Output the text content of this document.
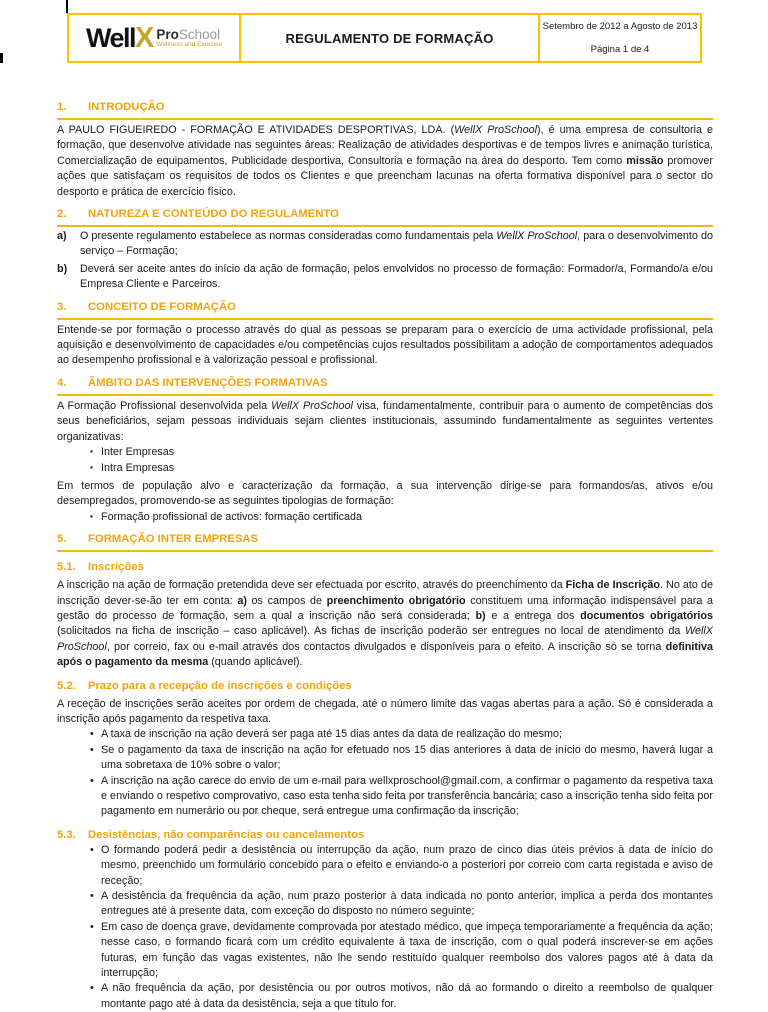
Well X ProSchool
Wellness and Exercise	REGULAMENTO DE FORMAÇÃO
Setembro de 2012 a Agosto de 2013
Página 1 de 4
1. INTRODUÇÃO
A PAULO FIGUEIREDO - FORMAÇÃO E ATIVIDADES DESPORTIVAS, LDA. (WellX ProSchool), é uma empresa de consultoria e formação, que desenvolve atividade nas seguintes áreas: Realização de atividades desportivas e de tempos livres e animação turística, Comercialização de equipamentos, Publicidade desportiva, Consultoria e formação na área do desporto. Tem como missão promover ações que satisfaçam os requisitos de todos os Clientes e que preencham lacunas na oferta formativa disponível para o sector do desporto e prática de exercício físico.
2. NATUREZA E CONTEÚDO DO REGULAMENTO
a)	O presente regulamento estabelece as normas consideradas como fundamentais pela WellX ProSchool, para o desenvolvimento do serviço – Formação;
b)	Deverá ser aceite antes do início da ação de formação, pelos envolvidos no processo de formação: Formador/a, Formando/a e/ou Empresa Cliente e Parceiros.
3. CONCEITO DE FORMAÇÃO
Entende-se por formação o processo através do qual as pessoas se preparam para o exercício de uma actividade profissional, pela aquisição e desenvolvimento de capacidades e/ou competências cujos resultados possibilitam a adoção de comportamentos adequados ao desempenho profissional e à valorização pessoal e profissional.
4. ÂMBITO DAS INTERVENÇÕES FORMATIVAS
A Formação Profissional desenvolvida pela WellX ProSchool visa, fundamentalmente, contribuir para o aumento de competências dos seus beneficiários, sejam pessoas individuais sejam clientes institucionais, assumindo fundamentalmente as seguintes vertentes organizativas:
▪
Inter Empresas
▪
Intra Empresas
Em termos de população alvo e caracterização da formação, a sua intervenção dirige-se para formandos/as, ativos e/ou desempregados, promovendo-se as seguintes tipologias de formação:
▪
Formação profissional de activos: formação certificada
5. FORMAÇÃO INTER EMPRESAS
5.1. Inscrições
A inscrição na ação de formação pretendida deve ser efectuada por escrito, através do preenchimento da Ficha de Inscrição. No ato de inscrição dever-se-ão ter em conta: a) os campos de preenchimento obrigatório constituem uma informação indispensável para a gestão do processo de formação, sem a qual a inscrição não será considerada; b) e a entrega dos documentos obrigatórios (solicitados na ficha de inscrição – caso aplicável). As fichas de inscrição poderão ser entregues no local de atendimento da WellX ProSchool, por correio, fax ou e-mail através dos contactos divulgados e disponíveis para o efeito. A inscrição só se torna definitiva após o pagamento da mesma (quando aplicável).
5.2. Prazo para a recepção de inscrições e condições
A receção de inscrições serão aceites por ordem de chegada, até o número limite das vagas abertas para a ação. Só é considerada a inscrição após pagamento da respetiva taxa.
•
A taxa de inscrição na ação deverá ser paga até 15 dias antes da data de realização do mesmo;
•
Se o pagamento da taxa de inscrição na ação for efetuado nos 15 dias anteriores à data de início do mesmo, haverá lugar a uma sobretaxa de 10% sobre o valor;
•
A inscrição na ação carece do envio de um e-mail para wellxproschool@gmail.com, a confirmar o pagamento da respetiva taxa e enviando o respetivo comprovativo, caso esta tenha sido feita por transferência bancária; caso a inscrição tenha sido feita por pagamento em numerário ou por cheque, será entregue uma confirmação da inscrição;
5.3. Desistências, não comparências ou cancelamentos
•
O formando poderá pedir a desistência ou interrupção da ação, num prazo de cinco dias úteis prévios à data de início do mesmo, preenchido um formulário concebido para o efeito e enviando-o a posteriori por correio com carta registada e aviso de receção;
•
A desistência da frequência da ação, num prazo posterior à data indicada no ponto anterior, implica a perda dos montantes entregues até à presente data, com exceção do disposto no número seguinte;
•
Em caso de doença grave, devidamente comprovada por atestado médico, que impeça temporariamente a frequência da ação; nesse caso, o formando ficará com um crédito equivalente à taxa de inscrição, com o qual poderá inscrever-se em ações futuras, em função das vagas existentes, não lhe sendo restituído qualquer reembolso dos valores pagos até à data da interrupção;
•
A não frequência da ação, por desistência ou por outros motivos, não dá ao formando o direito a reembolso de qualquer montante pago até à data da desistência, seja a que título for.
